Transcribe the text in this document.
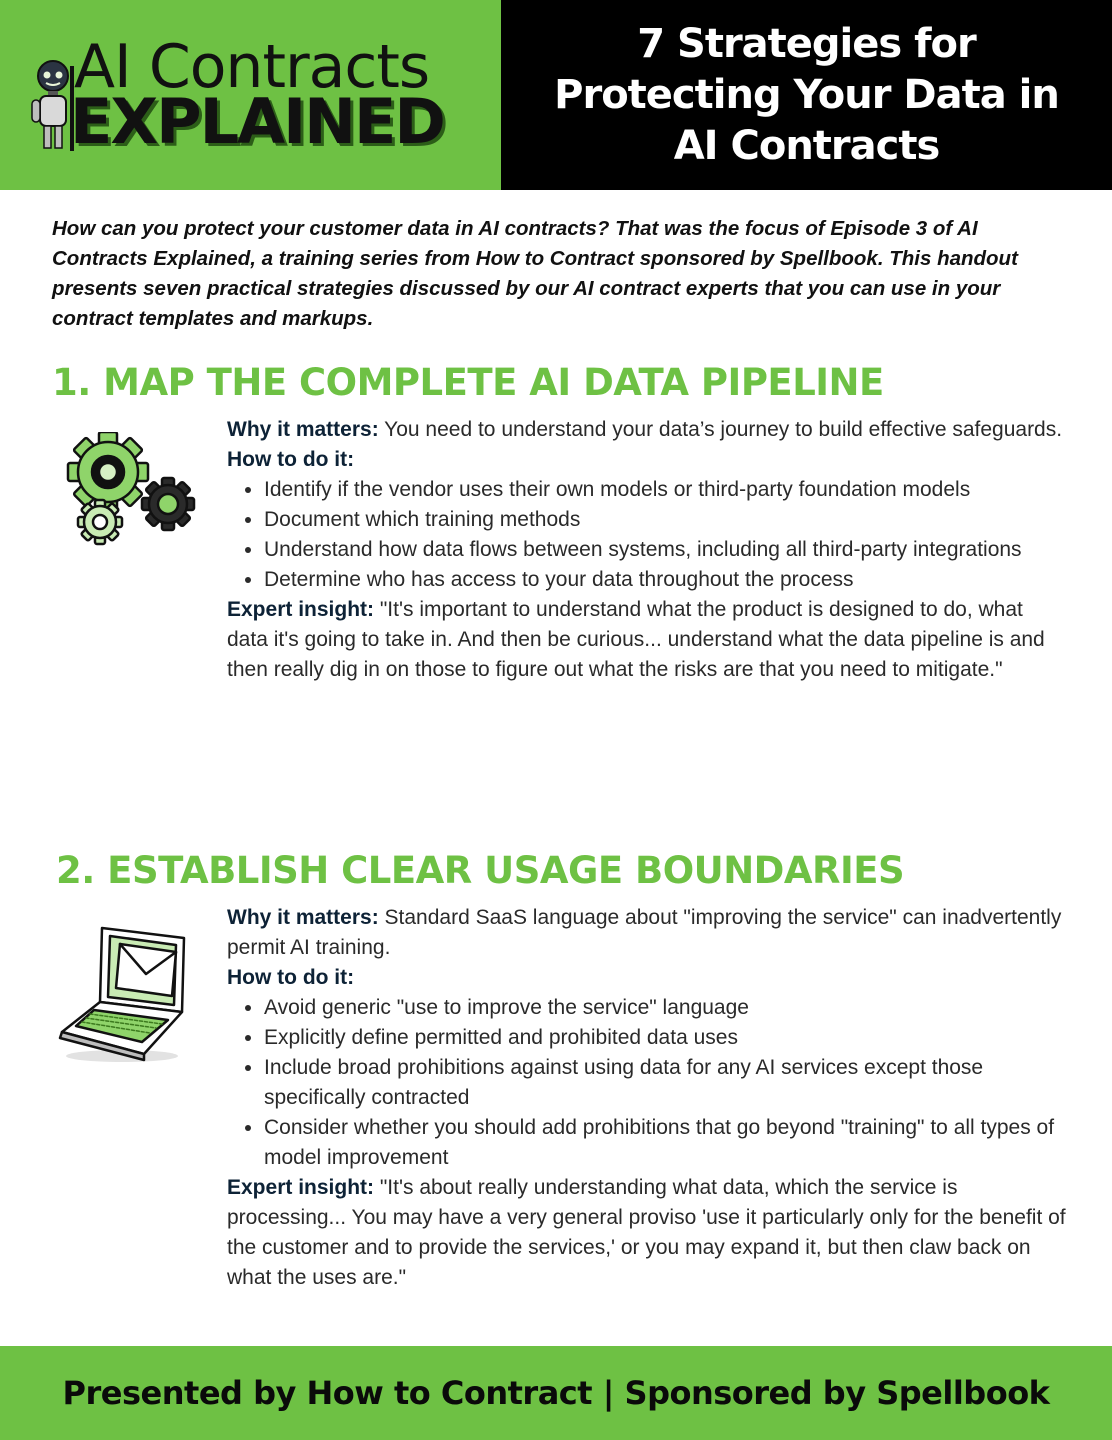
AI Contracts
EXPLAINED
7 Strategies for
Protecting Your Data in
AI Contracts

How can you protect your customer data in AI contracts? That was the focus of Episode 3 of AI Contracts Explained, a training series from How to Contract sponsored by Spellbook. This handout presents seven practical strategies discussed by our AI contract experts that you can use in your contract templates and markups.

1. MAP THE COMPLETE AI DATA PIPELINE

Why it matters: You need to understand your data’s journey to build effective safeguards.

How to do it:

• Identify if the vendor uses their own models or third-party foundation models
• Document which training methods
• Understand how data flows between systems, including all third-party integrations
• Determine who has access to your data throughout the process

Expert insight: "It's important to understand what the product is designed to do, what data it's going to take in. And then be curious... understand what the data pipeline is and then really dig in on those to figure out what the risks are that you need to mitigate."

2. ESTABLISH CLEAR USAGE BOUNDARIES

Why it matters: Standard SaaS language about "improving the service" can inadvertently permit AI training.

How to do it:

• Avoid generic "use to improve the service" language
• Explicitly define permitted and prohibited data uses
• Include broad prohibitions against using data for any AI services except those specifically contracted
• Consider whether you should add prohibitions that go beyond "training" to all types of model improvement

Expert insight: "It's about really understanding what data, which the service is processing... You may have a very general proviso 'use it particularly only for the benefit of the customer and to provide the services,' or you may expand it, but then claw back on what the uses are."

Presented by How to Contract | Sponsored by Spellbook
